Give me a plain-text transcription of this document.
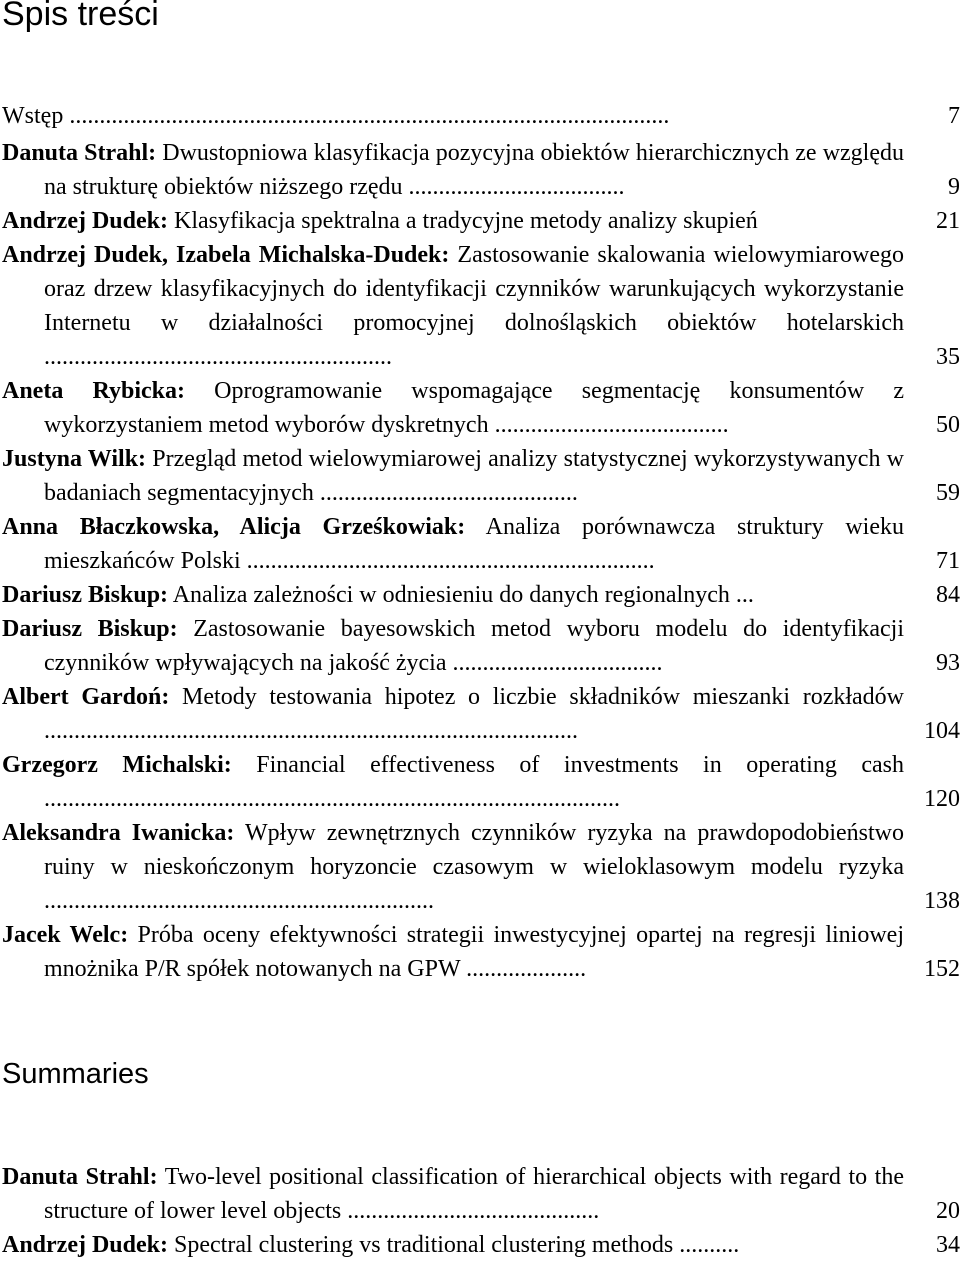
Spis treści
Wstęp ....................................................................................................	7
Danuta Strahl: Dwustopniowa klasyfikacja pozycyjna obiektów hierarchicznych ze względu na strukturę obiektów niższego rzędu ....................................	9
Andrzej Dudek: Klasyfikacja spektralna a tradycyjne metody analizy skupień	21
Andrzej Dudek, Izabela Michalska-Dudek: Zastosowanie skalowania wielowymiarowego oraz drzew klasyfikacyjnych do identyfikacji czynników warunkujących wykorzystanie Internetu w działalności promocyjnej dolnośląskich obiektów hotelarskich ..........................................................	35
Aneta Rybicka: Oprogramowanie wspomagające segmentację konsumentów z wykorzystaniem metod wyborów dyskretnych .......................................	50
Justyna Wilk: Przegląd metod wielowymiarowej analizy statystycznej wykorzystywanych w badaniach segmentacyjnych ...........................................	59
Anna Błaczkowska, Alicja Grześkowiak: Analiza porównawcza struktury wieku mieszkańców Polski ....................................................................	71
Dariusz Biskup: Analiza zależności w odniesieniu do danych regionalnych ...	84
Dariusz Biskup: Zastosowanie bayesowskich metod wyboru modelu do identyfikacji czynników wpływających na jakość życia ...................................	93
Albert Gardoń: Metody testowania hipotez o liczbie składników mieszanki rozkładów .........................................................................................	104
Grzegorz Michalski: Financial effectiveness of investments in operating cash ................................................................................................	120
Aleksandra Iwanicka: Wpływ zewnętrznych czynników ryzyka na prawdopodobieństwo ruiny w nieskończonym horyzoncie czasowym w wieloklasowym modelu ryzyka .................................................................	138
Jacek Welc: Próba oceny efektywności strategii inwestycyjnej opartej na regresji liniowej mnożnika P/R spółek notowanych na GPW ....................	152
Summaries
Danuta Strahl: Two-level positional classification of hierarchical objects with regard to the structure of lower level objects ..........................................	20
Andrzej Dudek: Spectral clustering vs traditional clustering methods ..........	34
